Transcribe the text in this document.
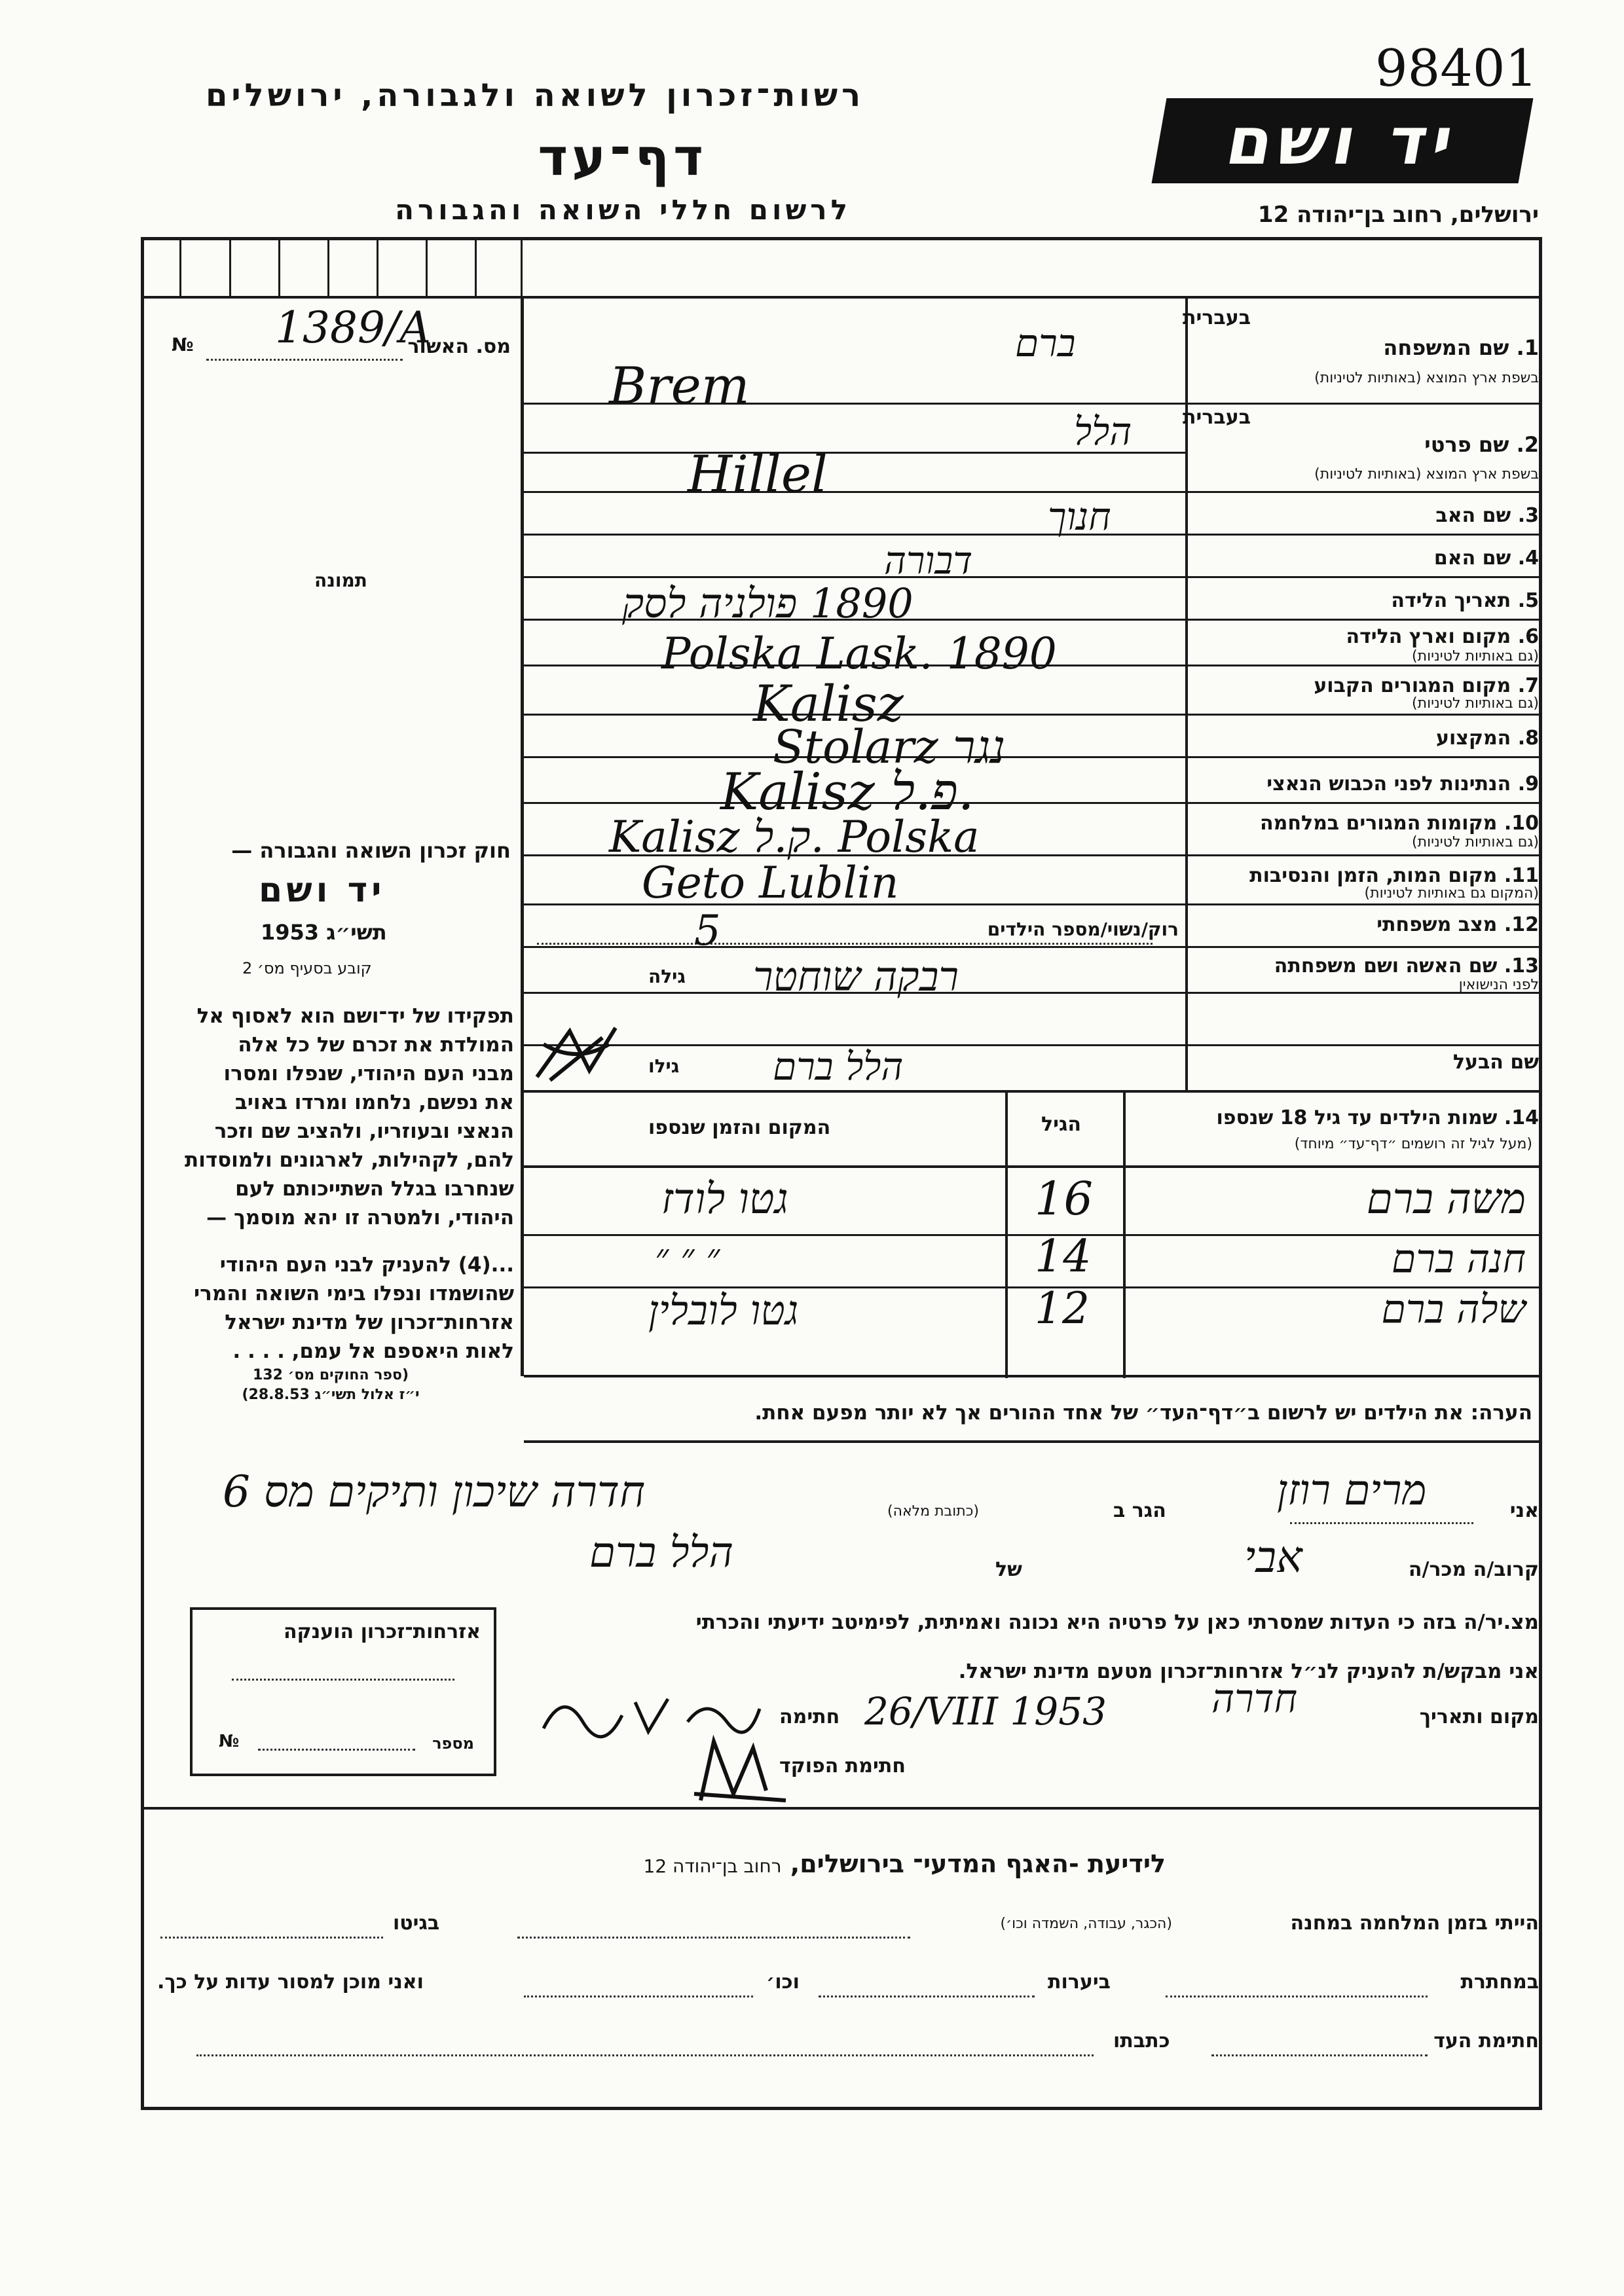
98401
רשות־זכרון לשואה ולגבורה, ירושלים
דף־עד
לרשום חללי השואה והגבורה
יד ושם
ירושלים, רחוב בן־יהודה 12
№ 1389/A
מס. האשור
תמונה
חוק זכרון השואה והגבורה —
יד ושם
תשי״ג 1953
קובע בסעיף מס׳ 2
תפקידו של יד־ושם הוא לאסוף אל
המולדת את זכרם של כל אלה
מבני העם היהודי, שנפלו ומסרו
את נפשם, נלחמו ומרדו באויב
הנאצי ובעוזריו, ולהציב שם וזכר
להם, לקהילות, לארגונים ולמוסדות
שנחרבו בגלל השתייכותם לעם
היהודי, ולמטרה זו יהא מוסמך —
...(4) להעניק לבני העם היהודי
שהושמדו ונפלו בימי השואה והמרי
אזרחות־זכרון של מדינת ישראל
לאות היאספם אל עמם, . . . .
(ספר החוקים מס׳ 132
י״ז אלול תשי״ג 28.8.53)
בעברית
1. שם המשפחה
בשפת ארץ המוצא (באותיות לטיניות)
ברם
Brem
בעברית
2. שם פרטי
בשפת ארץ המוצא (באותיות לטיניות)
הלל
Hillel
3. שם האב
חנוך
4. שם האם
דבורה
5. תאריך הלידה
1890 פולניה לסק
6. מקום וארץ הלידה
(גם באותיות לטיניות)
Polska Lask. 1890
7. מקום המגורים הקבוע
(גם באותיות לטיניות)
Kalisz
8. המקצוע
Stolarz נגר
9. הנתינות לפני הכבוש הנאצי
Kalisz פ.ל.
10. מקומות המגורים במלחמה
(גם באותיות לטיניות)
Kalisz ק.ל. Polska
11. מקום המות, הזמן והנסיבות
(המקום גם באותיות לטיניות)
Geto Lublin
12. מצב משפחתי
רוק/נשוי/מספר הילדים
5
13. שם האשה ושם משפחתה
לפני הנישואין
גילה רבקה שוחטר
שם הבעל
גילו הלל ברם
14. שמות הילדים עד גיל 18 שנספו
(מעל לגיל זה רושמים ״דף־עד״ מיוחד)
הגיל
המקום והזמן שנספו
משה ברם
16
גטו לודז
חנה ברם
14
״ ״ ״
שלה ברם
12
גטו לובלין
הערה: את הילדים יש לרשום ב״דף־העד״ של אחד ההורים אך לא יותר מפעם אחת.
אני
מרים רוזן
הגר ב
(כתובת מלאה)
חדרה שיכון ותיקים מס 6
קרוב/ה מכר/ה
אבי
של
הלל ברם
מצ.יר/ה בזה כי העדות שמסרתי כאן על פרטיה היא נכונה ואמיתית, לפימיטב ידיעתי והכרתי
אני מבקש/ת להעניק לנ״ל אזרחות־זכרון מטעם מדינת ישראל.
מקום ותאריך
חדרה
26/VIII 1953
חתימה
חתימת הפוקד
אזרחות־זכרון הוענקה
מספר
№
לידיעת -האגף המדעי־ בירושלים, רחוב בן־יהודה 12
הייתי בזמן המלחמה במחנה
(הכגר, עבודה, השמדה וכו׳)
בגיטו
במחתרת
ביערות
וכו׳
ואני מוכן למסור עדות על כך.
חתימת העד
כתבתו
